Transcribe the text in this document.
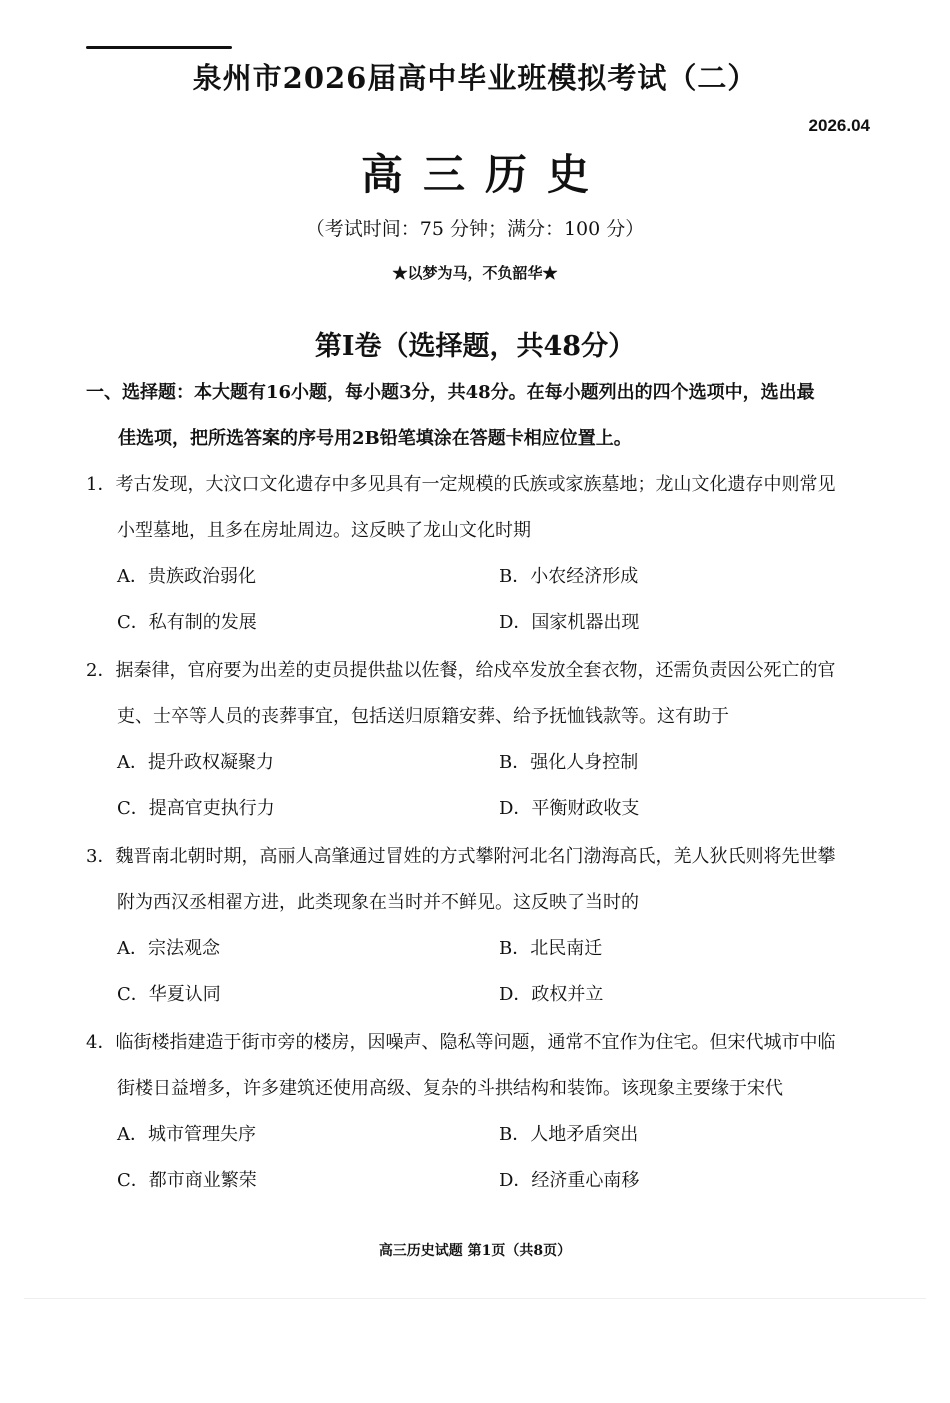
泉州市2026届高中毕业班模拟考试（二）
2026.04
高三历史
（考试时间：75 分钟；满分：100 分）
★以梦为马，不负韶华★
第I卷（选择题，共48分）
一、选择题：本大题有16小题，每小题3分，共48分。在每小题列出的四个选项中，选出最
佳选项，把所选答案的序号用2B铅笔填涂在答题卡相应位置上。
1．考古发现，大汶口文化遗存中多见具有一定规模的氏族或家族墓地；龙山文化遗存中则常见
小型墓地，且多在房址周边。这反映了龙山文化时期
A．贵族政治弱化	B．小农经济形成
C．私有制的发展	D．国家机器出现
2．据秦律，官府要为出差的吏员提供盐以佐餐，给戍卒发放全套衣物，还需负责因公死亡的官
吏、士卒等人员的丧葬事宜，包括送归原籍安葬、给予抚恤钱款等。这有助于
A．提升政权凝聚力	B．强化人身控制
C．提高官吏执行力	D．平衡财政收支
3．魏晋南北朝时期，高丽人高肇通过冒姓的方式攀附河北名门渤海高氏，羌人狄氏则将先世攀
附为西汉丞相翟方进，此类现象在当时并不鲜见。这反映了当时的
A．宗法观念	B．北民南迁
C．华夏认同	D．政权并立
4．临街楼指建造于街市旁的楼房，因噪声、隐私等问题，通常不宜作为住宅。但宋代城市中临
街楼日益增多，许多建筑还使用高级、复杂的斗拱结构和装饰。该现象主要缘于宋代
A．城市管理失序	B．人地矛盾突出
C．都市商业繁荣	D．经济重心南移
高三历史试题 第1页（共8页）
